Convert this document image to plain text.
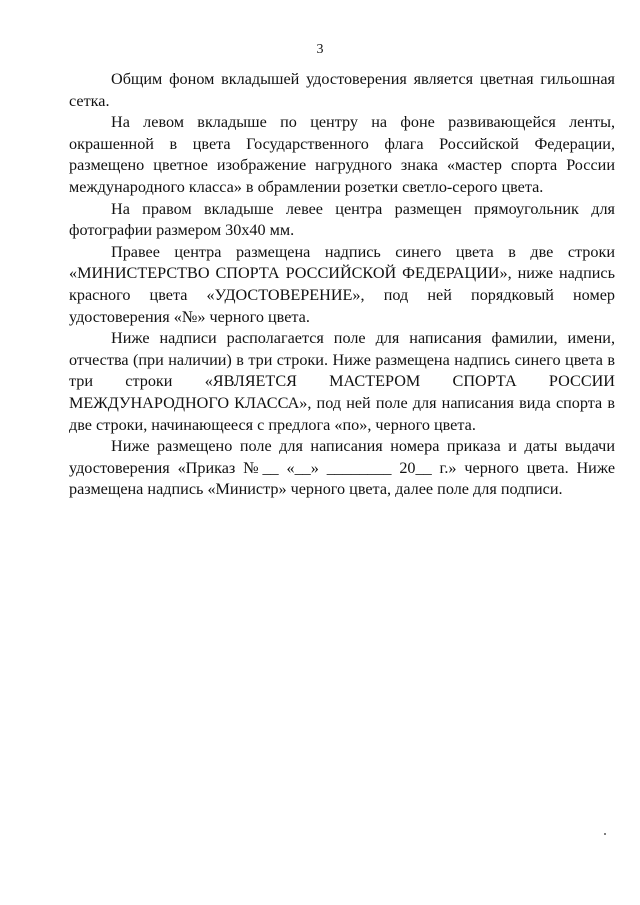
3

Общим фоном вкладышей удостоверения является цветная гильошная сетка.

На левом вкладыше по центру на фоне развивающейся ленты, окрашенной в цвета Государственного флага Российской Федерации, размещено цветное изображение нагрудного знака «мастер спорта России международного класса» в обрамлении розетки светло-серого цвета.

На правом вкладыше левее центра размещен прямоугольник для фотографии размером 30х40 мм.

Правее центра размещена надпись синего цвета в две строки «МИНИСТЕРСТВО СПОРТА РОССИЙСКОЙ ФЕДЕРАЦИИ», ниже надпись красного цвета «УДОСТОВЕРЕНИЕ», под ней порядковый номер удостоверения «№» черного цвета.

Ниже надписи располагается поле для написания фамилии, имени, отчества (при наличии) в три строки. Ниже размещена надпись синего цвета в три строки «ЯВЛЯЕТСЯ МАСТЕРОМ СПОРТА РОССИИ МЕЖДУНАРОДНОГО КЛАССА», под ней поле для написания вида спорта в две строки, начинающееся с предлога «по», черного цвета.

Ниже размещено поле для написания номера приказа и даты выдачи удостоверения «Приказ №__ «__» ________ 20__ г.» черного цвета. Ниже размещена надпись «Министр» черного цвета, далее поле для подписи.
